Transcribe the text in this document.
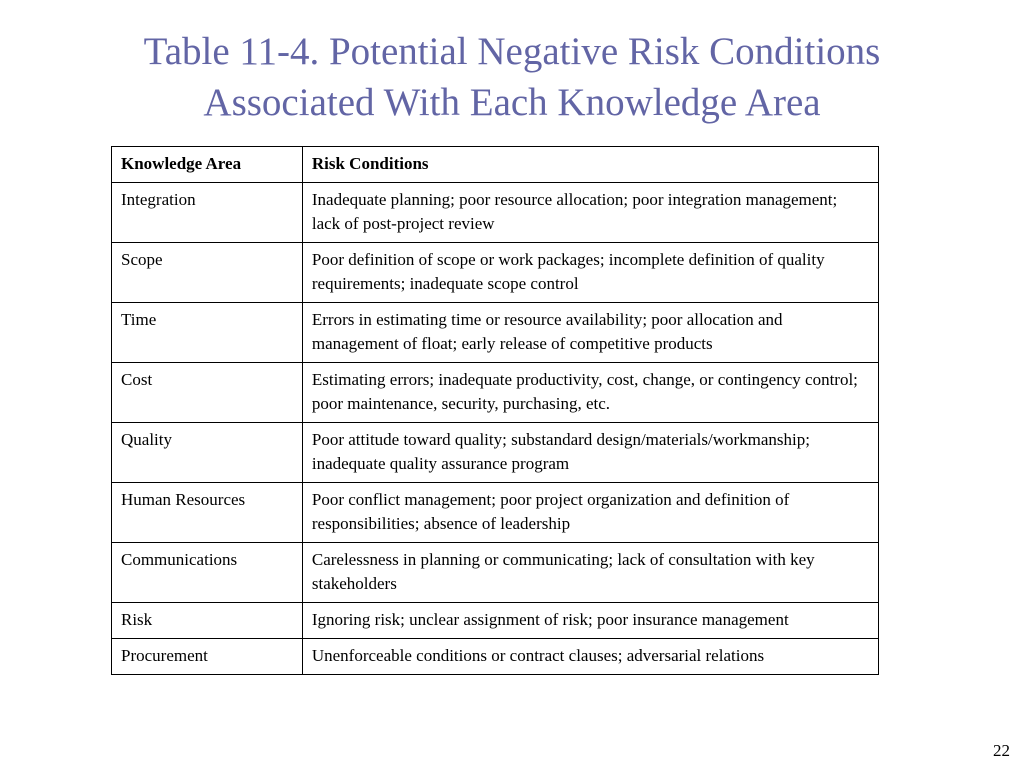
Table 11-4. Potential Negative Risk Conditions
Associated With Each Knowledge Area
Knowledge Area	Risk Conditions
Integration	Inadequate planning; poor resource allocation; poor integration management; lack of post-project review
Scope	Poor definition of scope or work packages; incomplete definition of quality requirements; inadequate scope control
Time	Errors in estimating time or resource availability; poor allocation and management of float; early release of competitive products
Cost	Estimating errors; inadequate productivity, cost, change, or contingency control; poor maintenance, security, purchasing, etc.
Quality	Poor attitude toward quality; substandard design/materials/workmanship; inadequate quality assurance program
Human Resources	Poor conflict management; poor project organization and definition of responsibilities; absence of leadership
Communications	Carelessness in planning or communicating; lack of consultation with key stakeholders
Risk	Ignoring risk; unclear assignment of risk; poor insurance management
Procurement	Unenforceable conditions or contract clauses; adversarial relations
22
